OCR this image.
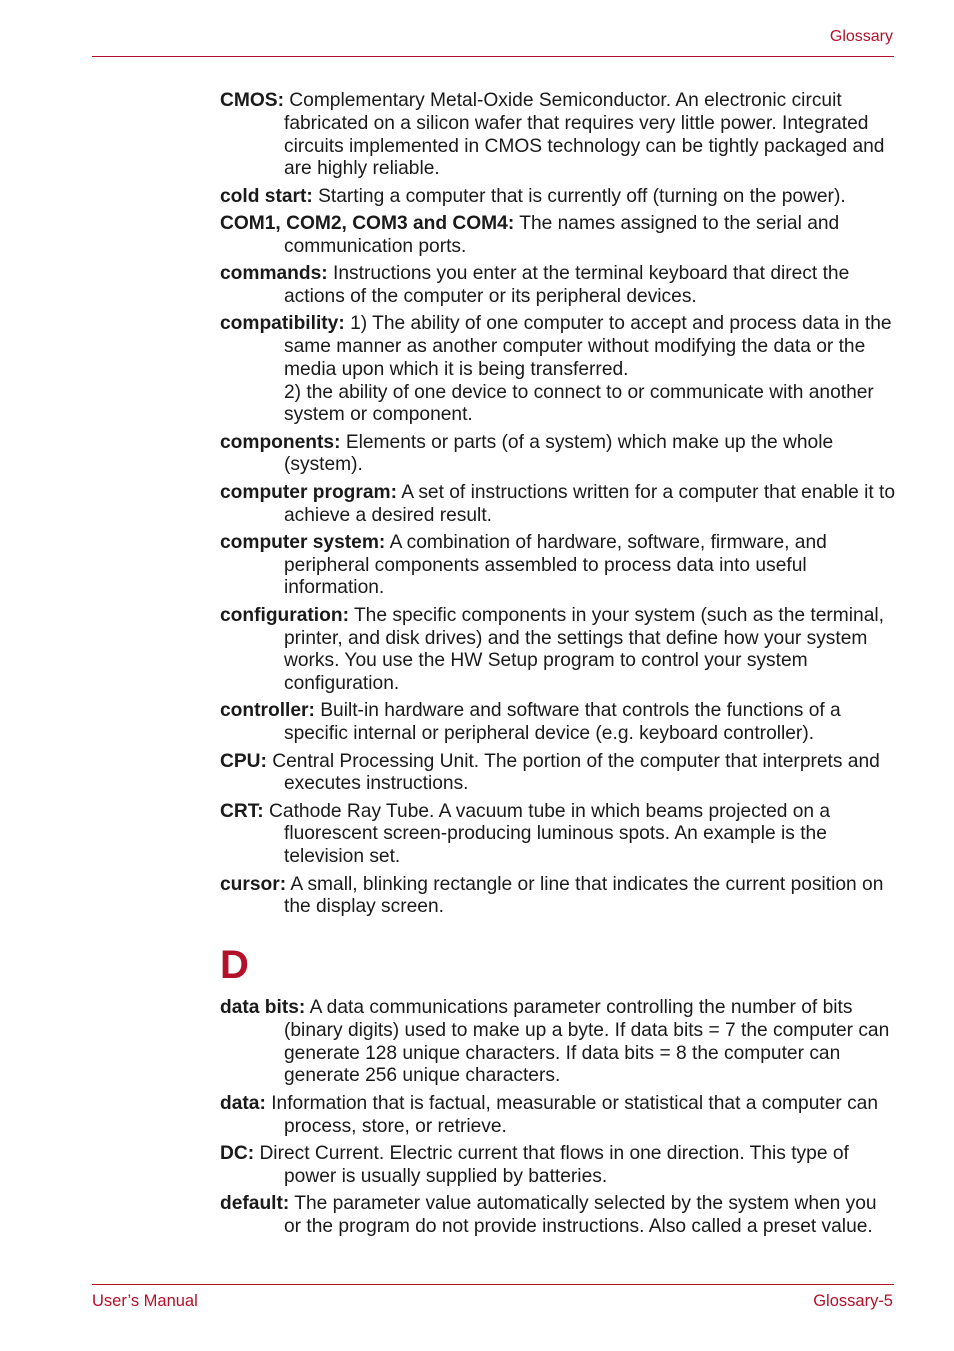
Glossary

CMOS: Complementary Metal-Oxide Semiconductor. An electronic circuit fabricated on a silicon wafer that requires very little power. Integrated circuits implemented in CMOS technology can be tightly packaged and are highly reliable.

cold start: Starting a computer that is currently off (turning on the power).

COM1, COM2, COM3 and COM4: The names assigned to the serial and communication ports.

commands: Instructions you enter at the terminal keyboard that direct the actions of the computer or its peripheral devices.

compatibility: 1) The ability of one computer to accept and process data in the same manner as another computer without modifying the data or the media upon which it is being transferred.
2) the ability of one device to connect to or communicate with another system or component.

components: Elements or parts (of a system) which make up the whole (system).

computer program: A set of instructions written for a computer that enable it to achieve a desired result.

computer system: A combination of hardware, software, firmware, and peripheral components assembled to process data into useful information.

configuration: The specific components in your system (such as the terminal, printer, and disk drives) and the settings that define how your system works. You use the HW Setup program to control your system configuration.

controller: Built-in hardware and software that controls the functions of a specific internal or peripheral device (e.g. keyboard controller).

CPU: Central Processing Unit. The portion of the computer that interprets and executes instructions.

CRT: Cathode Ray Tube. A vacuum tube in which beams projected on a fluorescent screen-producing luminous spots. An example is the television set.

cursor: A small, blinking rectangle or line that indicates the current position on the display screen.

D

data bits: A data communications parameter controlling the number of bits (binary digits) used to make up a byte. If data bits = 7 the computer can generate 128 unique characters. If data bits = 8 the computer can generate 256 unique characters.

data: Information that is factual, measurable or statistical that a computer can process, store, or retrieve.

DC: Direct Current. Electric current that flows in one direction. This type of power is usually supplied by batteries.

default: The parameter value automatically selected by the system when you or the program do not provide instructions. Also called a preset value.

User’s Manual	Glossary-5
